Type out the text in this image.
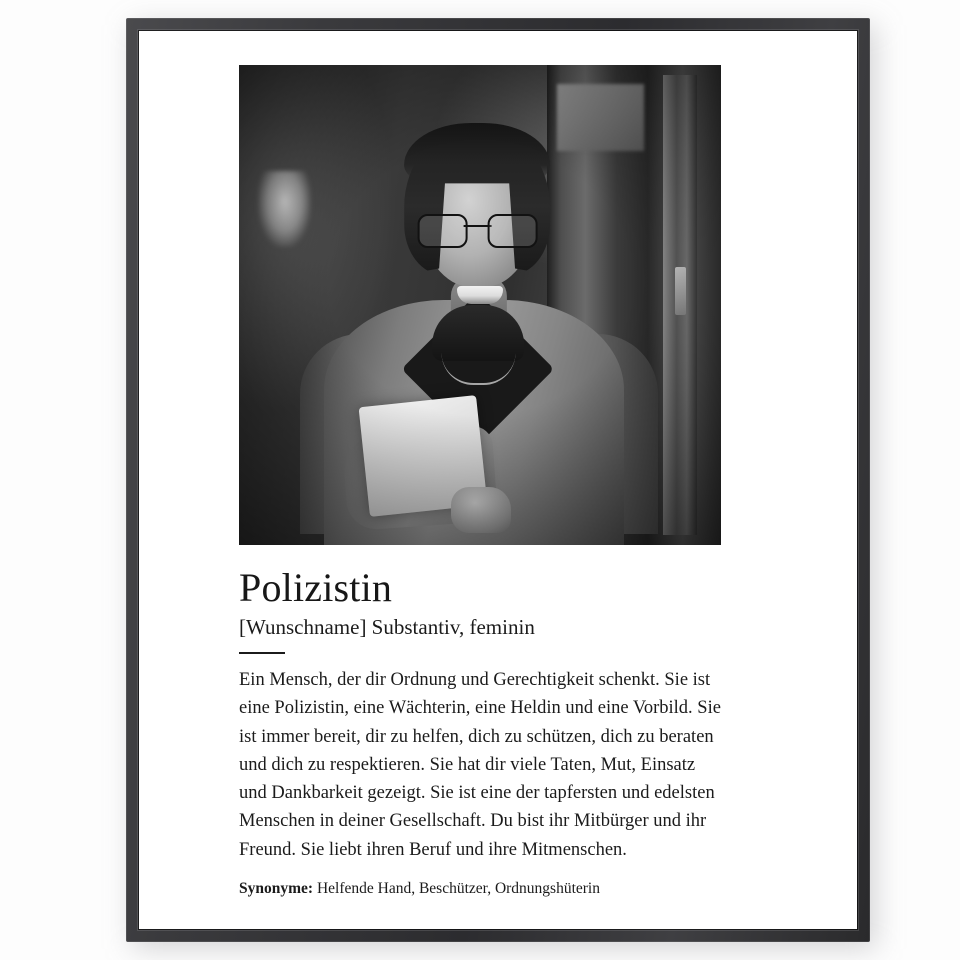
Polizistin

[Wunschname] Substantiv, feminin

Ein Mensch, der dir Ordnung und Gerechtigkeit schenkt. Sie ist eine Polizistin, eine Wächterin, eine Heldin und eine Vorbild. Sie ist immer bereit, dir zu helfen, dich zu schützen, dich zu beraten und dich zu respektieren. Sie hat dir viele Taten, Mut, Einsatz und Dankbarkeit gezeigt. Sie ist eine der tapfersten und edelsten Menschen in deiner Gesellschaft. Du bist ihr Mitbürger und ihr Freund. Sie liebt ihren Beruf und ihre Mitmenschen.

Synonyme: Helfende Hand, Beschützer, Ordnungshüterin
